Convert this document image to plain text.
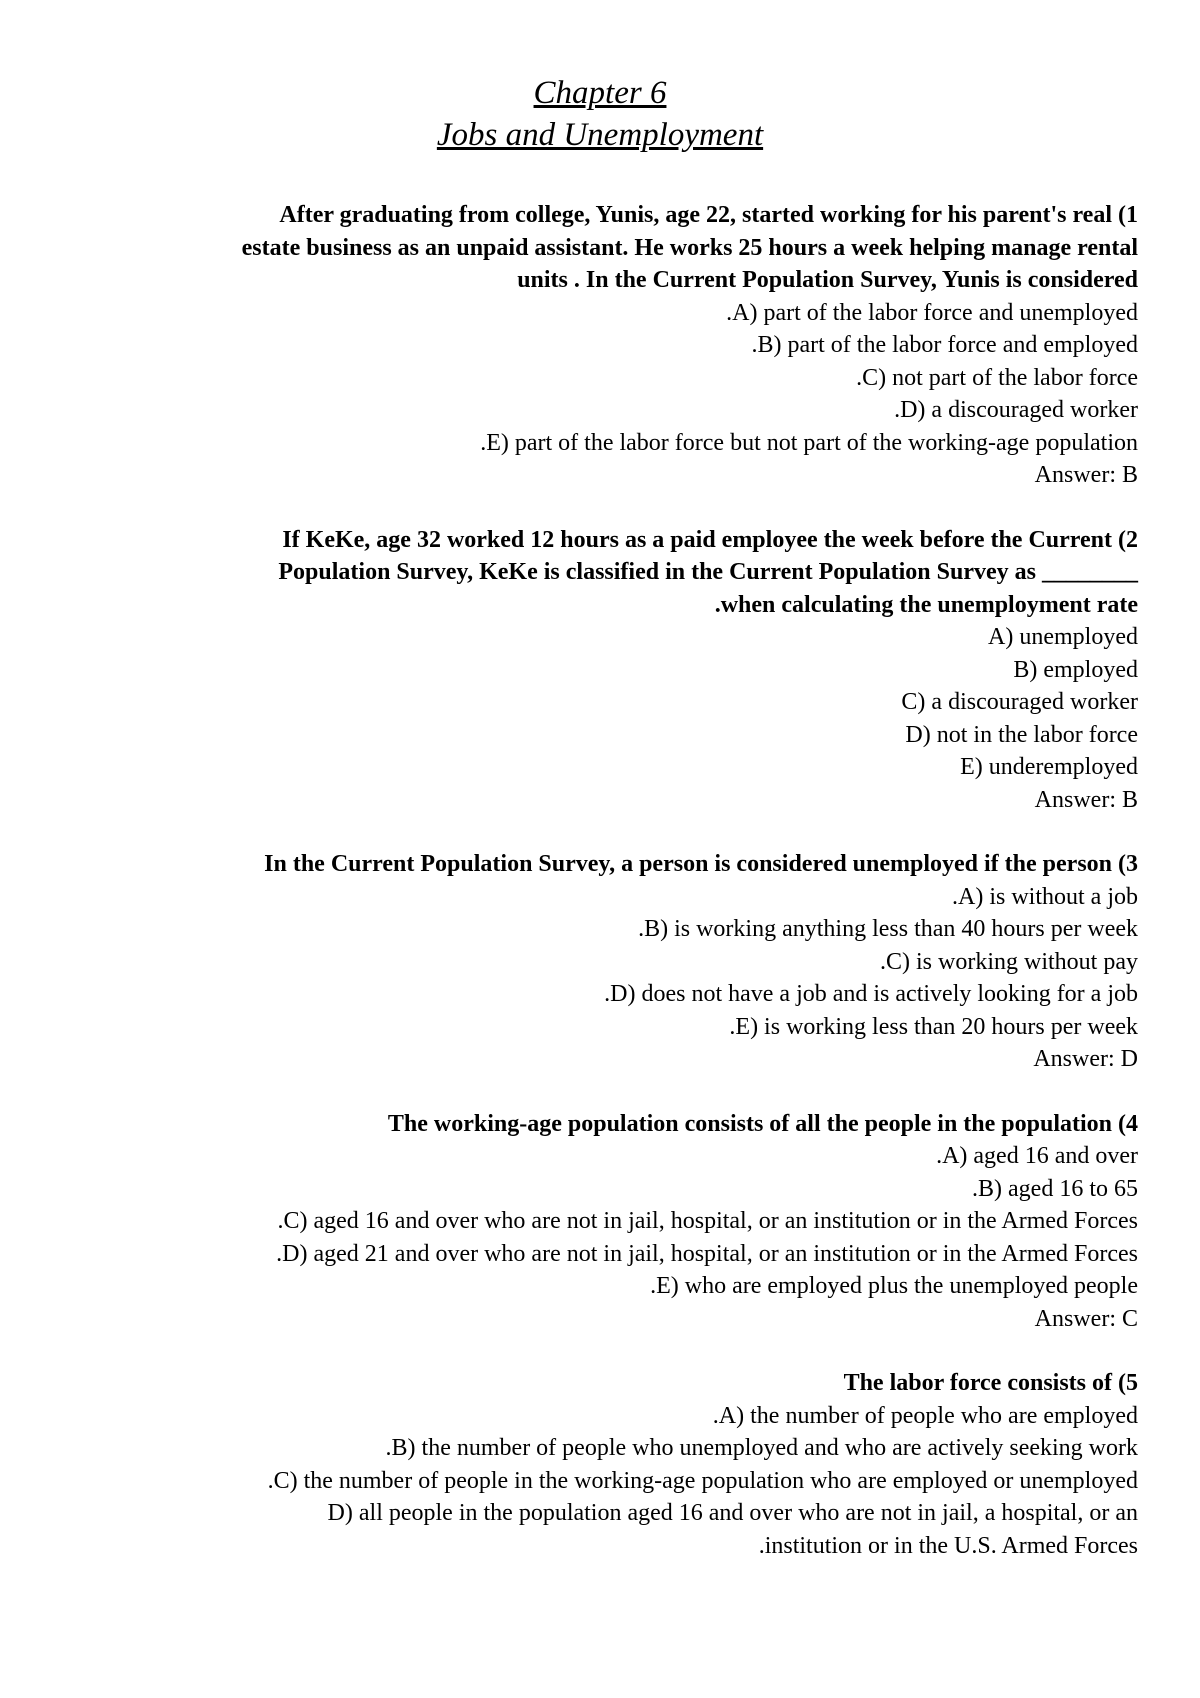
Chapter 6

Jobs and Unemployment

After graduating from college, Yunis, age 22, started working for his parent's real (1

estate business as an unpaid assistant. He works 25 hours a week helping manage rental

units . In the Current Population Survey, Yunis is considered

.A) part of the labor force and unemployed

.B) part of the labor force and employed

.C) not part of the labor force

.D) a discouraged worker

.E) part of the labor force but not part of the working-age population

Answer: B

If KeKe, age 32 worked 12 hours as a paid employee the week before the Current (2

Population Survey, KeKe is classified in the Current Population Survey as ________

.when calculating the unemployment rate

A) unemployed

B) employed

C) a discouraged worker

D) not in the labor force

E) underemployed

Answer: B

In the Current Population Survey, a person is considered unemployed if the person (3

.A) is without a job

.B) is working anything less than 40 hours per week

.C) is working without pay

.D) does not have a job and is actively looking for a job

.E) is working less than 20 hours per week

Answer: D

The working-age population consists of all the people in the population (4

.A) aged 16 and over

.B) aged 16 to 65

.C) aged 16 and over who are not in jail, hospital, or an institution or in the Armed Forces

.D) aged 21 and over who are not in jail, hospital, or an institution or in the Armed Forces

.E) who are employed plus the unemployed people

Answer: C

The labor force consists of (5

.A) the number of people who are employed

.B) the number of people who unemployed and who are actively seeking work

.C) the number of people in the working-age population who are employed or unemployed

D) all people in the population aged 16 and over who are not in jail, a hospital, or an

.institution or in the U.S. Armed Forces
